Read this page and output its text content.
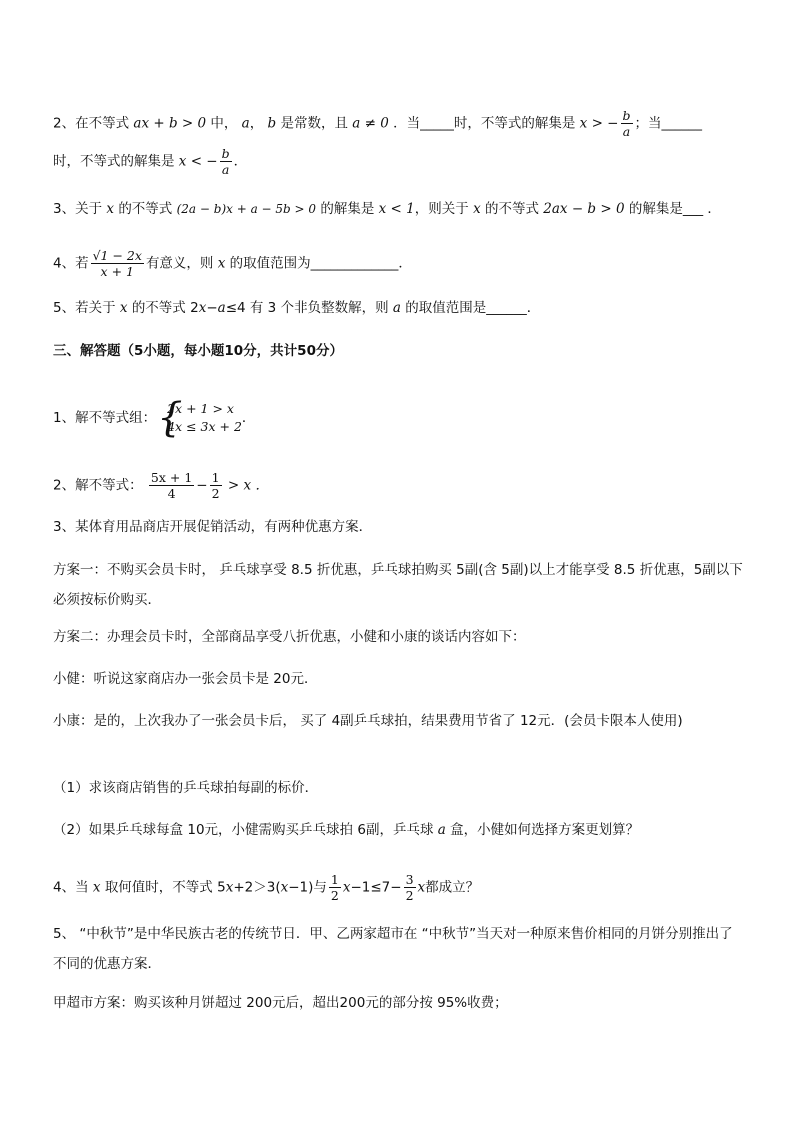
2、在不等式 ax + b > 0 中， a， b 是常数，且 a ≠ 0 ．当_____时，不等式的解集是 x > − $\frac{b}{a}$ ；当______
时，不等式的解集是 x < − $\frac{b}{a}$ ．
3、关于 x 的不等式 (2a − b)x + a − 5b > 0 的解集是 x < 1，则关于 x 的不等式 2ax − b > 0 的解集是___ ．
4、若 $\frac{√1 - 2x}{x + 1}$ 有意义，则 x 的取值范围为_____________．
5、若关于 x 的不等式 2x−a≤4 有 3 个非负整数解，则 a 的取值范围是______．
三、解答题（5小题，每小题10分，共计50分）
1、解不等式组： {
2x + 1 > x
4x ≤ 3x + 2
．
2、解不等式： $\frac{5x + 1}{4} - \frac{1}{2} > x$ ．
3、某体育用品商店开展促销活动，有两种优惠方案．
方案一：不购买会员卡时， 乒乓球享受 8.5 折优惠，乒乓球拍购买 5副(含 5副)以上才能享受 8.5 折优惠，5副以下必须按标价购买．
方案二：办理会员卡时，全部商品享受八折优惠，小健和小康的谈话内容如下：
小健：听说这家商店办一张会员卡是 20元．
小康：是的，上次我办了一张会员卡后， 买了 4副乒乓球拍，结果费用节省了 12元．(会员卡限本人使用)
（1）求该商店销售的乒乓球拍每副的标价．
（2）如果乒乓球每盒 10元，小健需购买乒乓球拍 6副，乒乓球 a 盒，小健如何选择方案更划算？
4、当 x 取何值时，不等式 5x+2＞3(x−1)与 $\frac{1}{2} x-1\le 7- \frac{3}{2}$ x都成立？
5、 “中秋节”是中华民族古老的传统节日．甲、乙两家超市在 “中秋节”当天对一种原来售价相同的月饼分别推出了不同的优惠方案．
甲超市方案：购买该种月饼超过 200元后，超出200元的部分按 95%收费；
